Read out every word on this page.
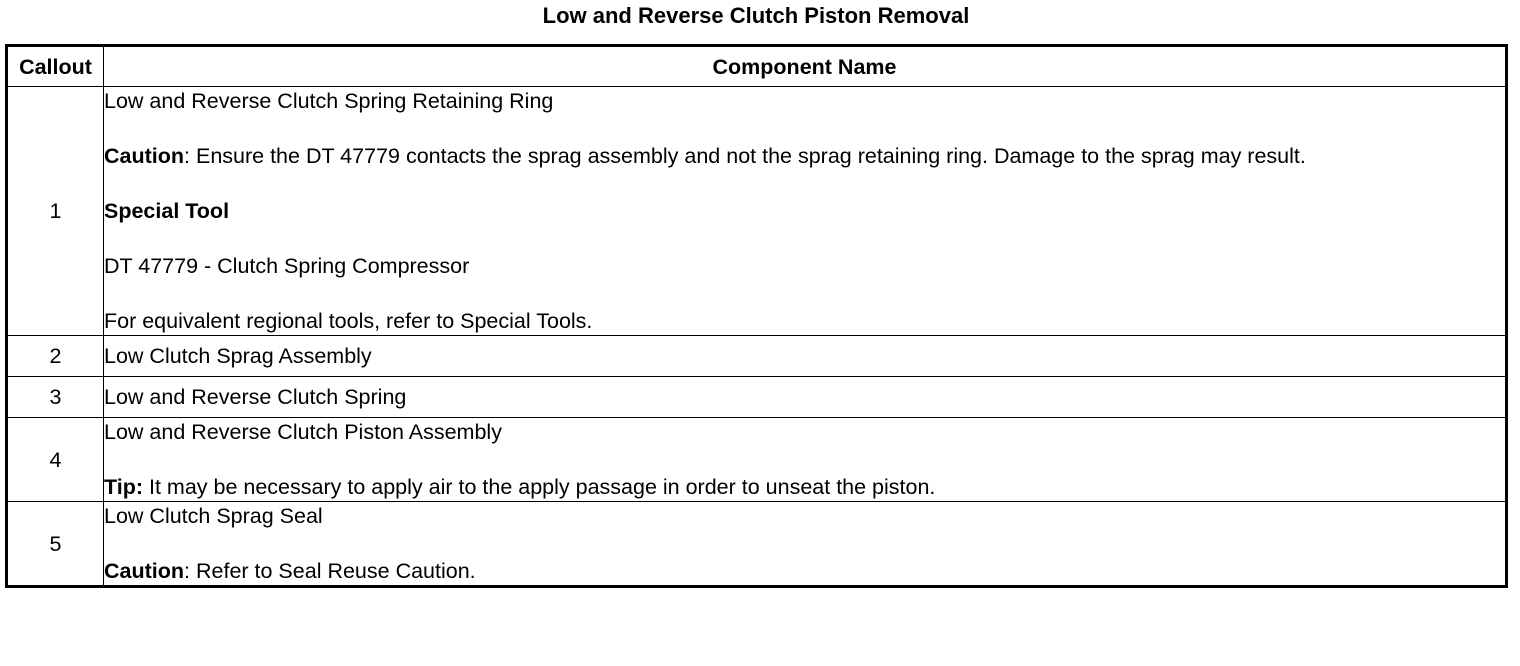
Low and Reverse Clutch Piston Removal
Callout	Component Name
1	Low and Reverse Clutch Spring Retaining Ring

Caution: Ensure the DT 47779 contacts the sprag assembly and not the sprag retaining ring. Damage to the sprag may result.

Special Tool

DT 47779 - Clutch Spring Compressor

For equivalent regional tools, refer to Special Tools.

2	Low Clutch Sprag Assembly

3	Low and Reverse Clutch Spring

4	Low and Reverse Clutch Piston Assembly

Tip: It may be necessary to apply air to the apply passage in order to unseat the piston.

5	Low Clutch Sprag Seal

Caution: Refer to Seal Reuse Caution.
